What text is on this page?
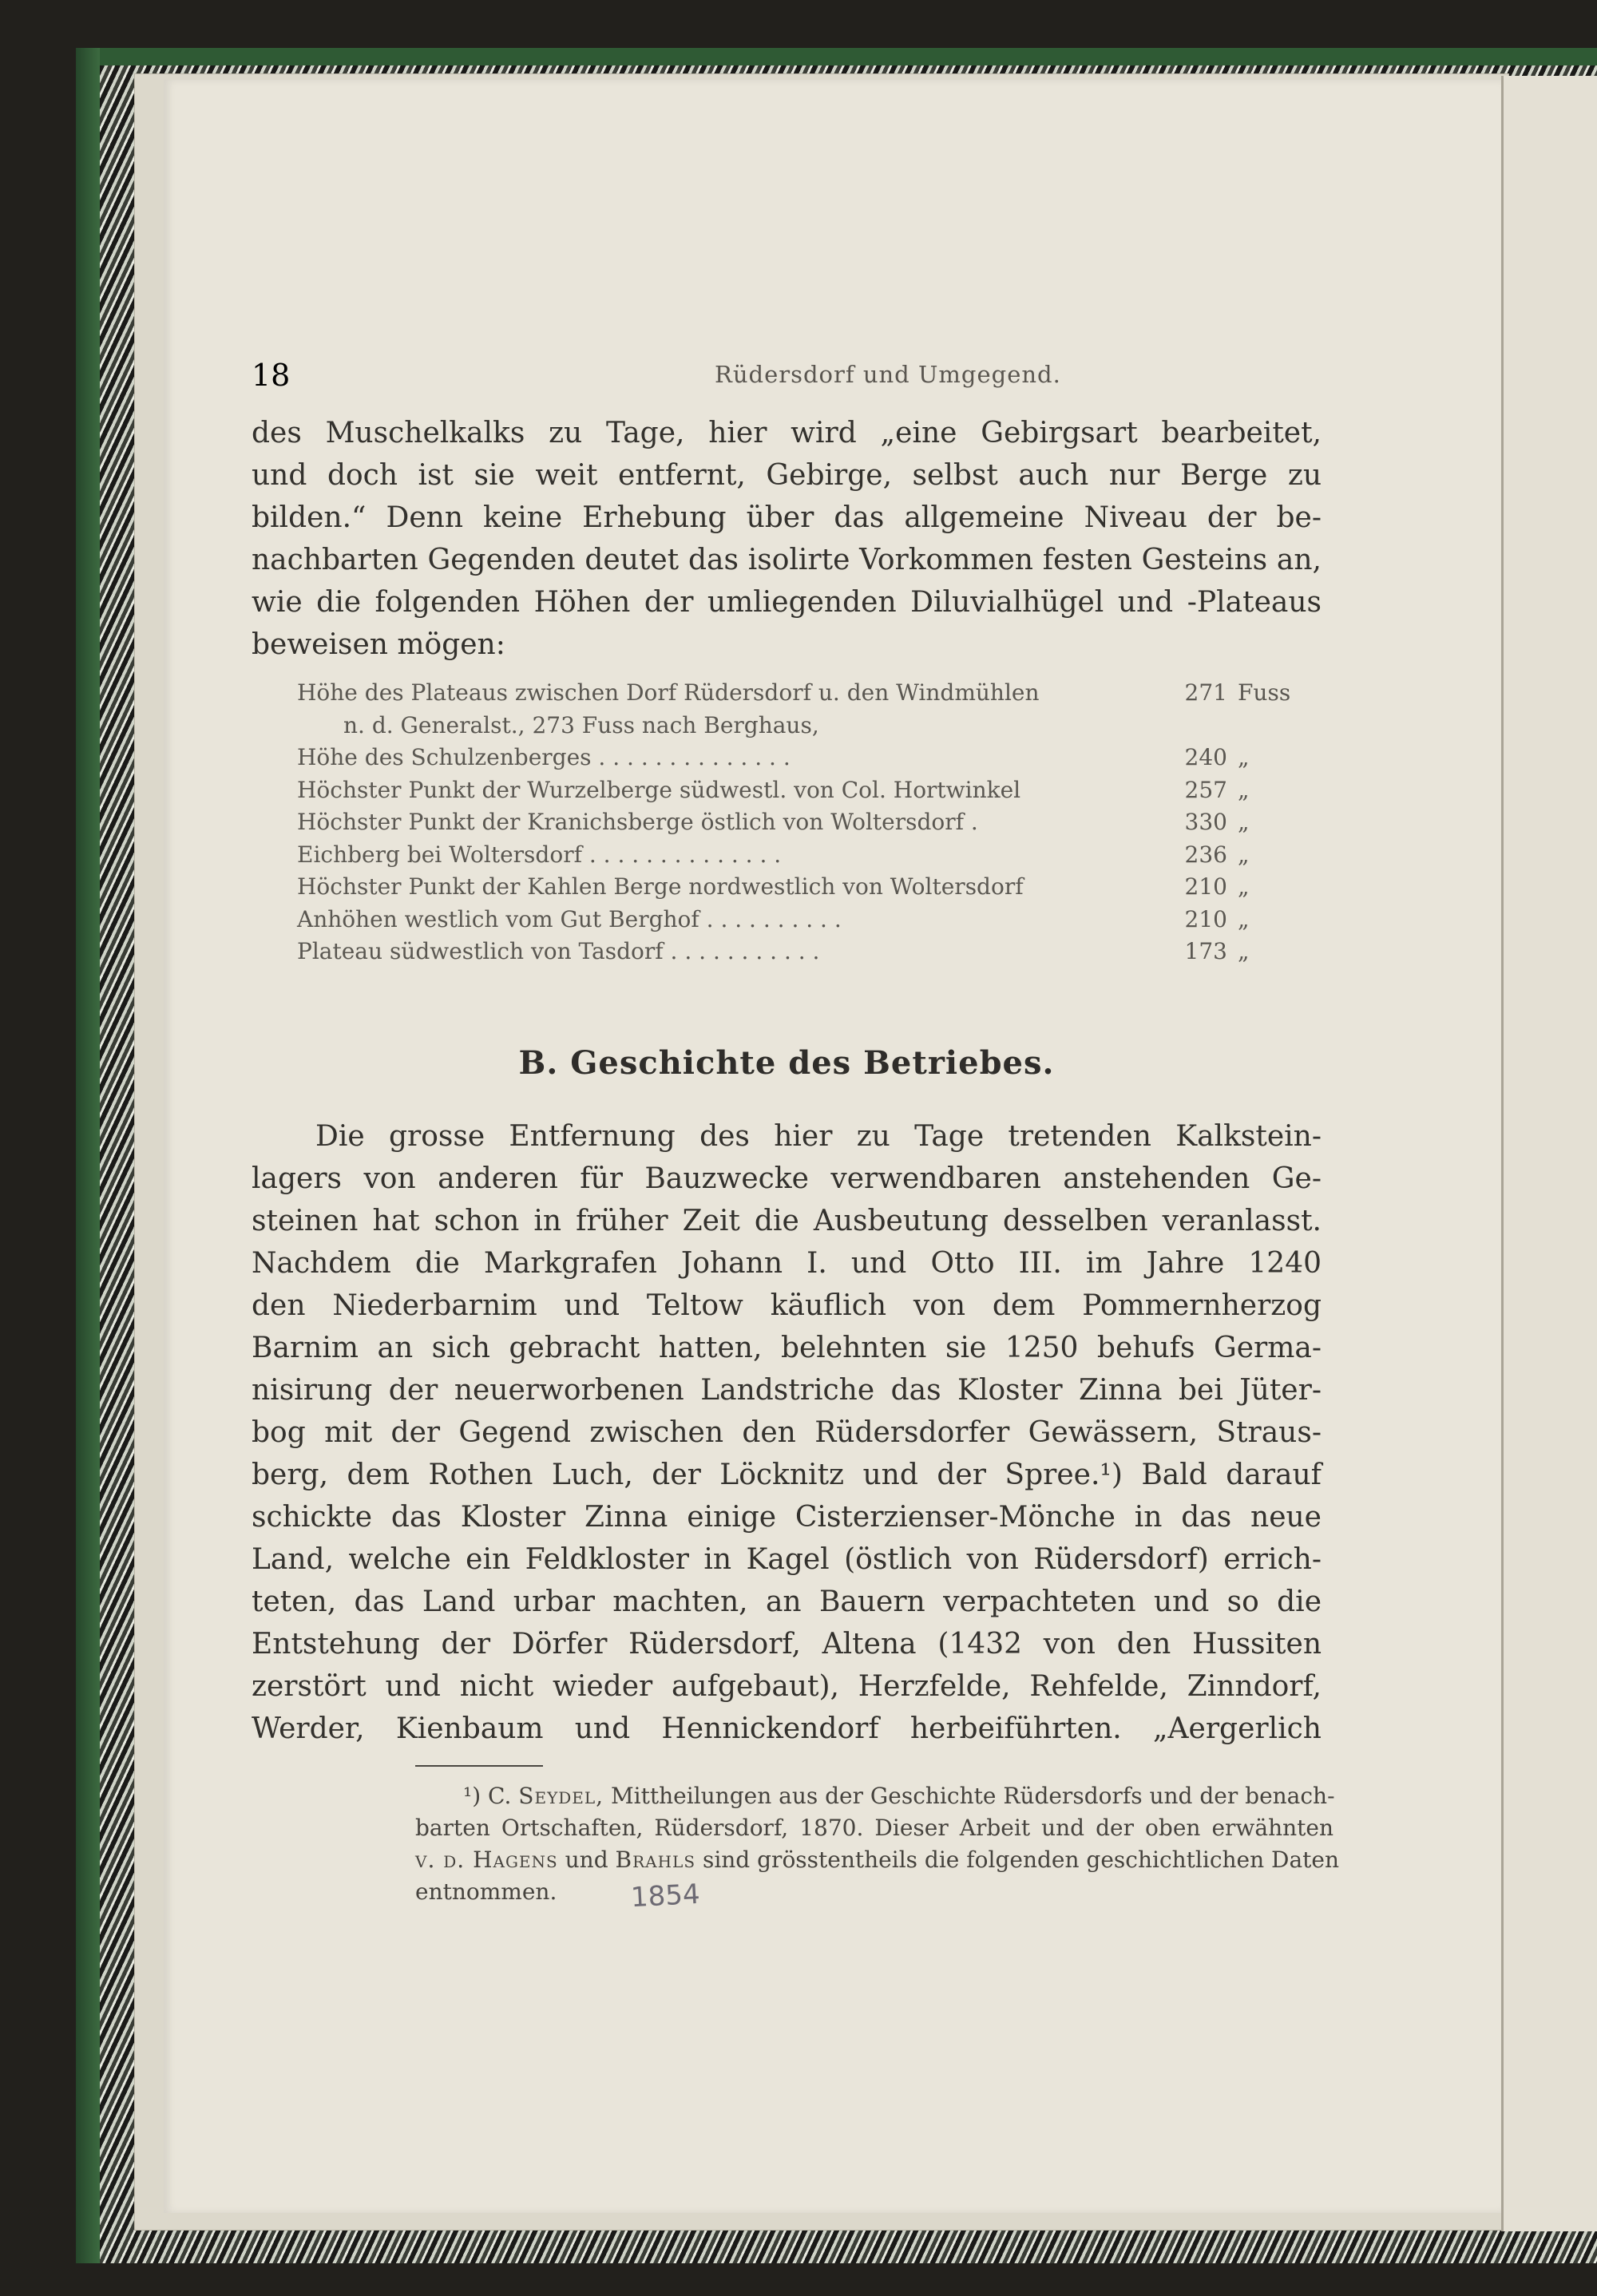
18	Rüdersdorf und Umgegend.

des Muschelkalks zu Tage, hier wird „eine Gebirgsart bearbeitet,
und doch ist sie weit entfernt, Gebirge, selbst auch nur Berge zu
bilden.“ Denn keine Erhebung über das allgemeine Niveau der be-
nachbarten Gegenden deutet das isolirte Vorkommen festen Gesteins an,
wie die folgenden Höhen der umliegenden Diluvialhügel und -Plateaus
beweisen mögen:

Höhe des Plateaus zwischen Dorf Rüdersdorf u. den Windmühlen	271 Fuss
n. d. Generalst., 273 Fuss nach Berghaus,
Höhe des Schulzenberges . . . . . . . . . . . . . .	240 „
Höchster Punkt der Wurzelberge südwestl. von Col. Hortwinkel	257 „
Höchster Punkt der Kranichsberge östlich von Woltersdorf .	330 „
Eichberg bei Woltersdorf . . . . . . . . . . . . . .	236 „
Höchster Punkt der Kahlen Berge nordwestlich von Woltersdorf	210 „
Anhöhen westlich vom Gut Berghof . . . . . . . . . .	210 „
Plateau südwestlich von Tasdorf . . . . . . . . . . .	173 „
B. Geschichte des Betriebes.

Die grosse Entfernung des hier zu Tage tretenden Kalkstein-
lagers von anderen für Bauzwecke verwendbaren anstehenden Ge-
steinen hat schon in früher Zeit die Ausbeutung desselben veranlasst.
Nachdem die Markgrafen Johann I. und Otto III. im Jahre 1240
den Niederbarnim und Teltow käuflich von dem Pommernherzog
Barnim an sich gebracht hatten, belehnten sie 1250 behufs Germa-
nisirung der neuerworbenen Landstriche das Kloster Zinna bei Jüter-
bog mit der Gegend zwischen den Rüdersdorfer Gewässern, Straus-
berg, dem Rothen Luch, der Löcknitz und der Spree.¹) Bald darauf
schickte das Kloster Zinna einige Cisterzienser-Mönche in das neue
Land, welche ein Feldkloster in Kagel (östlich von Rüdersdorf) errich-
teten, das Land urbar machten, an Bauern verpachteten und so die
Entstehung der Dörfer Rüdersdorf, Altena (1432 von den Hussiten
zerstört und nicht wieder aufgebaut), Herzfelde, Rehfelde, Zinndorf,
Werder, Kienbaum und Hennickendorf herbeiführten. „Aergerlich

¹) C. Seydel, Mittheilungen aus der Geschichte Rüdersdorfs und der benach-
barten Ortschaften, Rüdersdorf, 1870. Dieser Arbeit und der oben erwähnten
v. d. Hagens und Brahls sind grösstentheils die folgenden geschichtlichen Daten
entnommen.	1854
